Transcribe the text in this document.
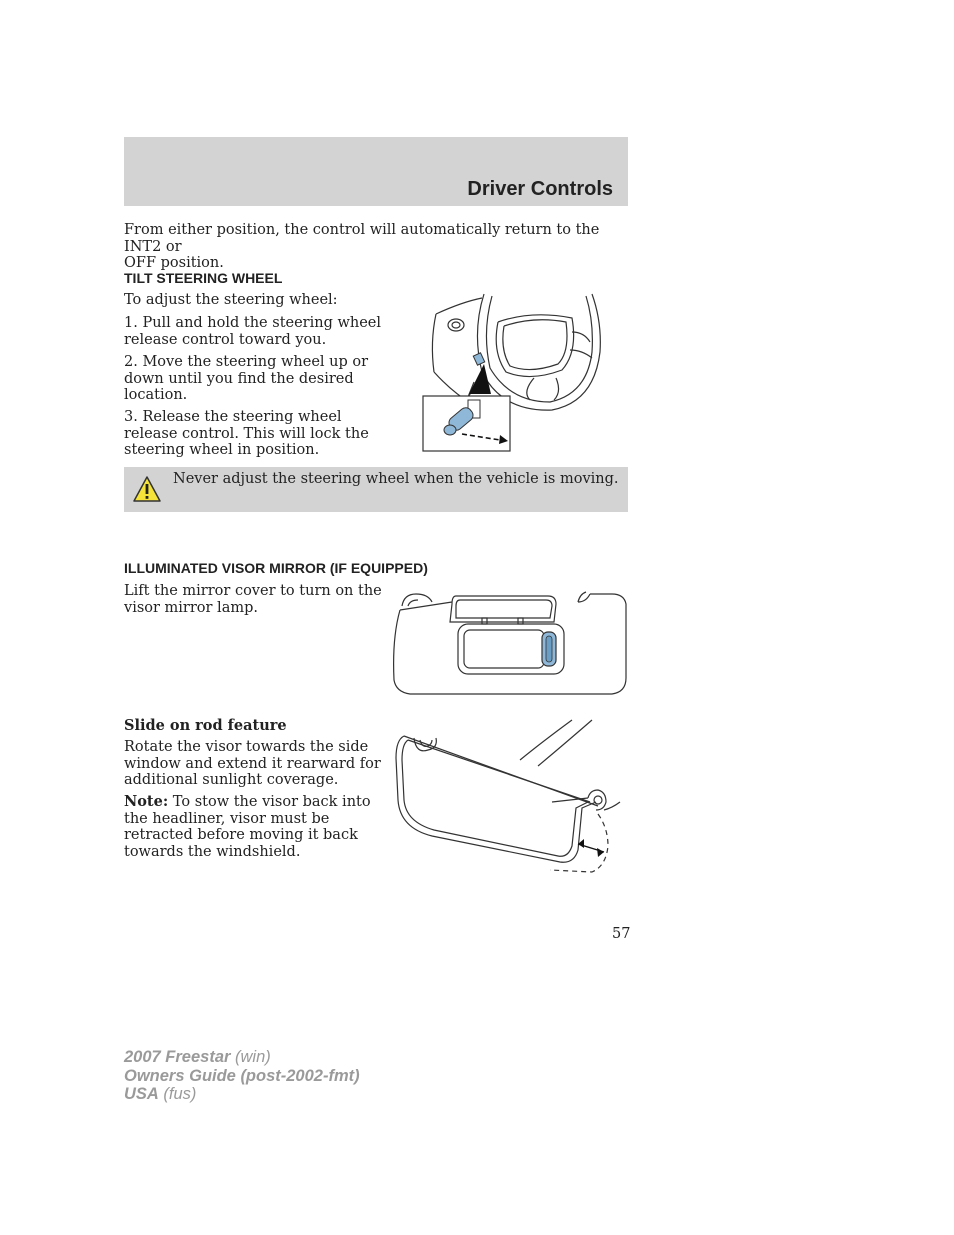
Driver Controls
From either position, the control will automatically return to the INT2 or
OFF position.
TILT STEERING WHEEL
To adjust the steering wheel:
1. Pull and hold the steering wheel
release control toward you.
2. Move the steering wheel up or
down until you find the desired
location.
3. Release the steering wheel
release control. This will lock the
steering wheel in position.
Never adjust the steering wheel when the vehicle is moving.
ILLUMINATED VISOR MIRROR (IF EQUIPPED)
Lift the mirror cover to turn on the
visor mirror lamp.
Slide on rod feature
Rotate the visor towards the side
window and extend it rearward for
additional sunlight coverage.
Note: To stow the visor back into
the headliner, visor must be
retracted before moving it back
towards the windshield.
57
2007 Freestar (win)
Owners Guide (post-2002-fmt)
USA (fus)
